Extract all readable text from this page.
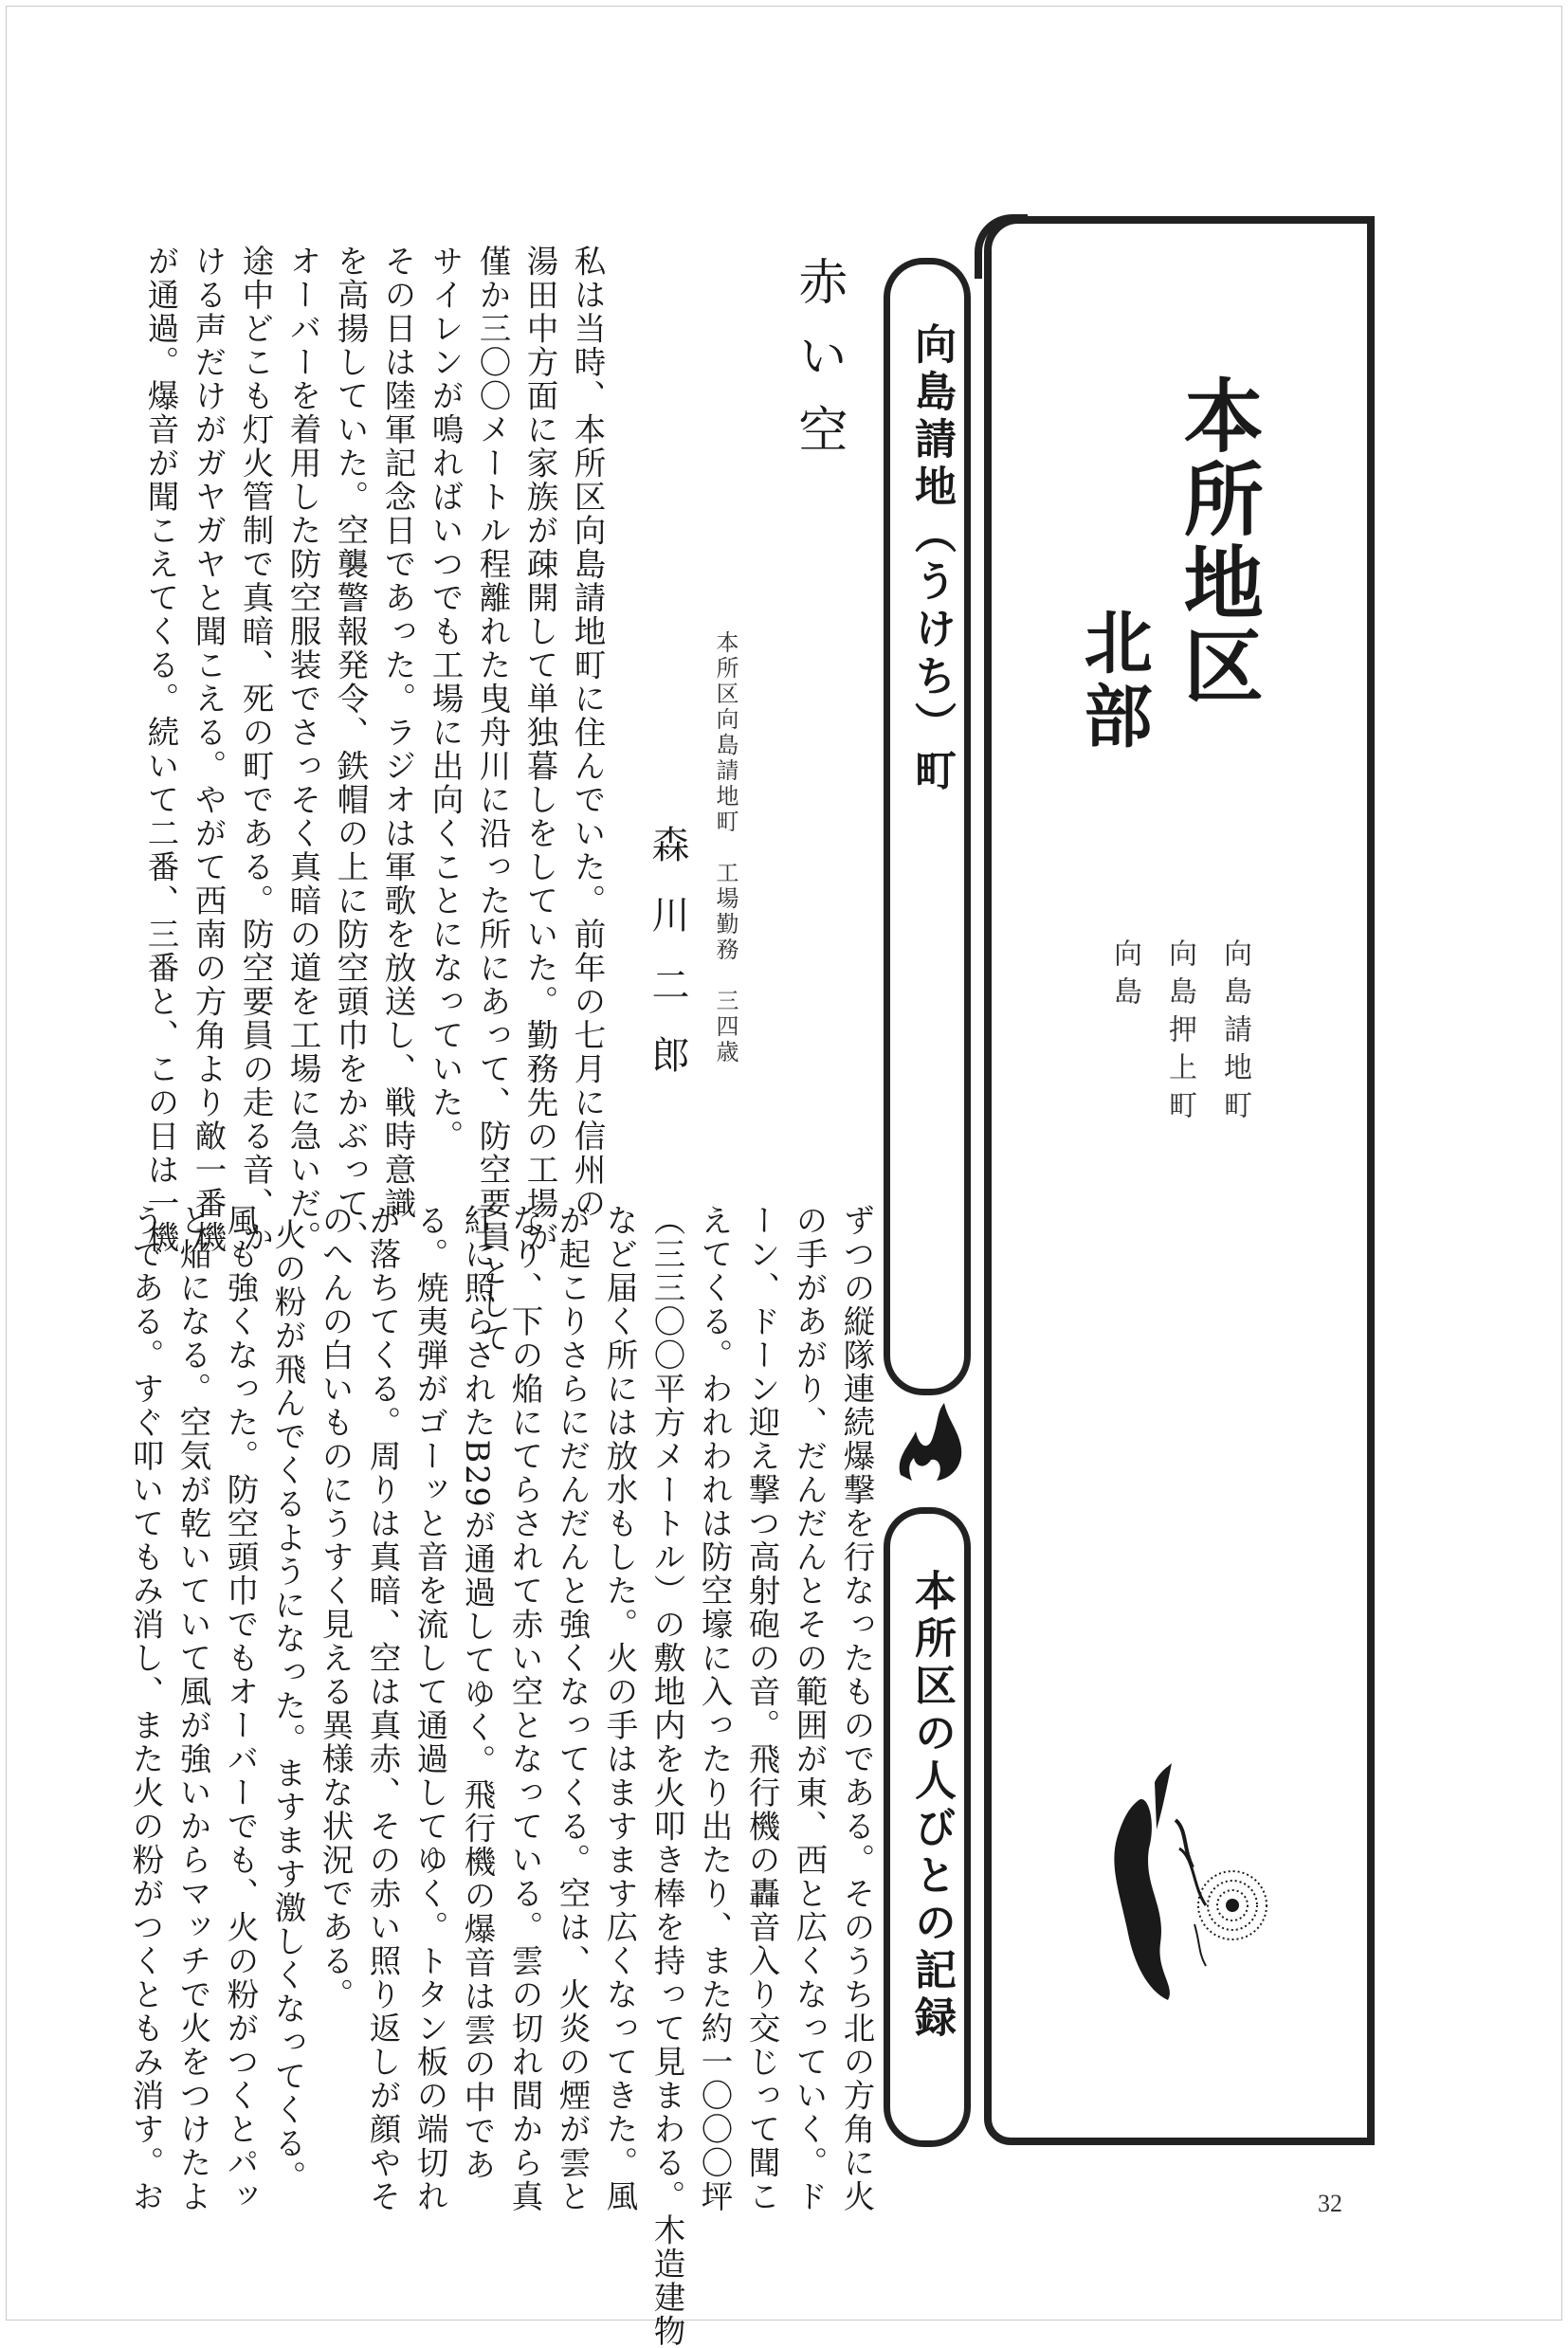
本所地区
北部
向島請地町
向島押上町
向島
向島請地（うけち）町
本所区の人びとの記録
赤い空
本所区向島請地町　工場勤務　三四歳
森川二郎
私は当時、本所区向島請地町に住んでいた。前年の七月に信州の
湯田中方面に家族が疎開して単独暮しをしていた。勤務先の工場が
僅か三〇〇メートル程離れた曳舟川に沿った所にあって、防空要員として
サイレンが鳴ればいつでも工場に出向くことになっていた。
その日は陸軍記念日であった。ラジオは軍歌を放送し、戦時意識
を高揚していた。空襲警報発令、鉄帽の上に防空頭巾をかぶって、
オーバーを着用した防空服装でさっそく真暗の道を工場に急いだ。
途中どこも灯火管制で真暗、死の町である。防空要員の走る音、か
ける声だけがガヤガヤと聞こえる。やがて西南の方角より敵一番機
が通過。爆音が聞こえてくる。続いて二番、三番と、この日は一機
ずつの縦隊連続爆撃を行なったものである。そのうち北の方角に火
の手があがり、だんだんとその範囲が東、西と広くなっていく。ド
ーン、ドーン迎え撃つ高射砲の音。飛行機の轟音入り交じって聞こ
えてくる。われわれは防空壕に入ったり出たり、また約一〇〇〇坪
（三三〇〇平方メートル）の敷地内を火叩き棒を持って見まわる。木造建物
など届く所には放水もした。火の手はますます広くなってきた。風
が起こりさらにだんだんと強くなってくる。空は、火炎の煙が雲と
なり、下の焔にてらされて赤い空となっている。雲の切れ間から真
紅に照らされたB29が通過してゆく。飛行機の爆音は雲の中であ
る。焼夷弾がゴーッと音を流して通過してゆく。トタン板の端切れ
が落ちてくる。周りは真暗、空は真赤、その赤い照り返しが顔やそ
のへんの白いものにうすく見える異様な状況である。
火の粉が飛んでくるようになった。ますます激しくなってくる。
風も強くなった。防空頭巾でもオーバーでも、火の粉がつくとパッ
と焔になる。空気が乾いていて風が強いからマッチで火をつけたよ
うである。すぐ叩いてもみ消し、また火の粉がつくともみ消す。お	32
